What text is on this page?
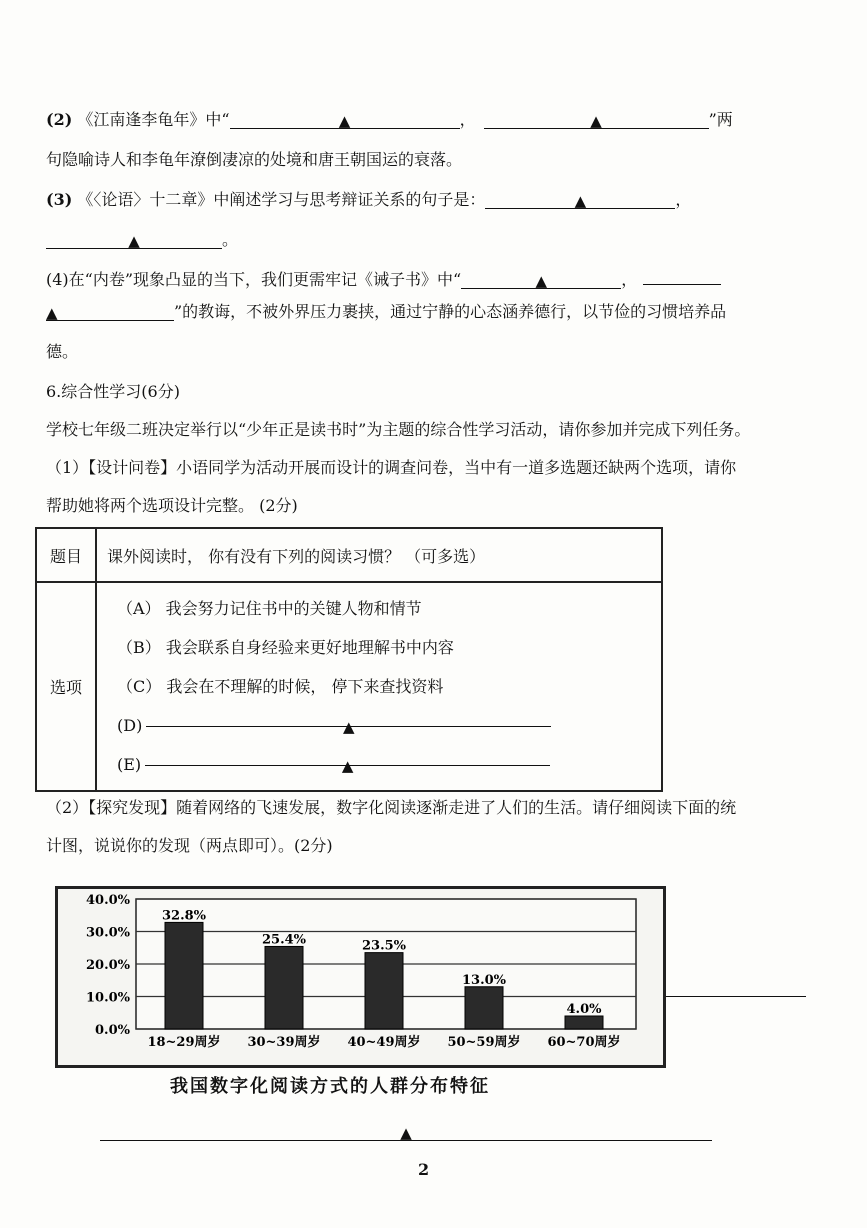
(2) 《江南逢李龟年》中“	▲	，	▲	”两
句隐喻诗人和李龟年潦倒凄凉的处境和唐王朝国运的衰落。
(3) 《〈论语〉十二章》中阐述学习与思考辩证关系的句子是：	▲	，
▲	。
(4)在“内卷”现象凸显的当下，我们更需牢记《诫子书》中“	▲	，
▲	”的教诲，不被外界压力裹挟，通过宁静的心态涵养德行，以节俭的习惯培养品
德。
6.综合性学习(6分)
学校七年级二班决定举行以“少年正是读书时”为主题的综合性学习活动，请你参加并完成下列任务。
（1）【设计问卷】小语同学为活动开展而设计的调查问卷，当中有一道多选题还缺两个选项，请你
帮助她将两个选项设计完整。 (2分)
题目	课外阅读时， 你有没有下列的阅读习惯？ （可多选）
选项	（A） 我会努力记住书中的关键人物和情节
（B） 我会联系自身经验来更好地理解书中内容
（C） 我会在不理解的时候， 停下来查找资料
(D) ▲
(E) ▲
（2）【探究发现】随着网络的飞速发展，数字化阅读逐渐走进了人们的生活。请仔细阅读下面的统
计图，说说你的发现（两点即可）。(2分)
0.0%
10.0%
20.0%
30.0%
40.0%
32.8%
18~29周岁
25.4%
30~39周岁
23.5%
40~49周岁
13.0%
50~59周岁
4.0%
60~70周岁
我国数字化阅读方式的人群分布特征
▲
2
